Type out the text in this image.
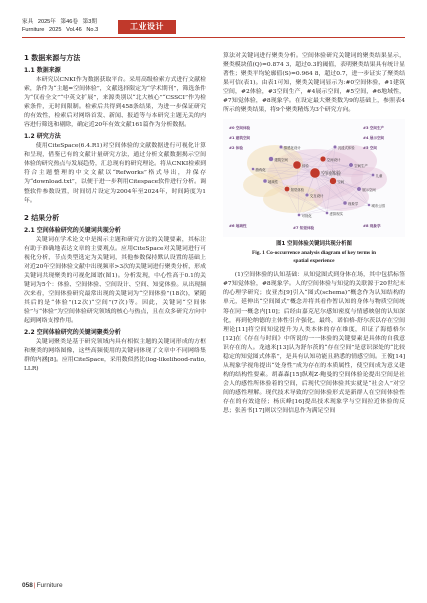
家具   2025年   第46卷   第3期
Furniture   2025   Vol.46   No.3	工业设计
1 数据来源与方法
1.1 数据来源

本研究以CNKI作为数据获取平台。采用高级检索方式进行文献检索，条件为“主题=空间体验”，文献选择限定为“学术期刊”，筛选条件为“仅看全文”“中英文扩展”，来源类别以“北大核心”“CSSCI”作为检索条件，无时间限制。检索后共得到458条结果，为进一步保证研究的有效性，检索后对网络首发、新闻、报道等与本研究主题无关的内容进行筛选和剔除，确定近20年有效文献161篇作为分析数据。

1.2 研究方法

使用CiteSpace(6.4.R1)对空间体验的文献数据进行可视化计算和呈现，借鉴已有的文献计量研究方法，通过分析文献数据揭示空间体验的研究热点与发展趋势，汇总现有的研究理论。将从CNKI检索到符合主题整理的中文文献以“Refworks”格式导出，并保存为“download.txt”，以便于进一步利用Citespace软件进行分析。调整软件参数设置，时间切片设定为2004年至2024年，时间跨度为1年。

2 结果分析
2.1 空间体验研究的关键词共现分析

关键词在学术论文中是揭示主题和研究方法的关键要素，其标注有助于准确地表达文章的主要观点。应用CiteSpace对关键词进行可视化分析，节点类型选定为关键词，其他参数保持默认设置的基础上对近20年空间体验文献中出现频率>3次的关键词进行聚类分析，形成关键词共现聚类的可视化图谱(图1)。分析发现，中心性高于0.1的关键词为5个：体验、空间体验、空间设计、空间、知觉体验。从出现频次来看，空间体验研究最常出现的关键词为“空间体验”(18次)，紧随其后的是“体验”(12次)“空间”(7次)等。因此，关键词“空间体验”与“体验”为空间体验研究领域的核心与热点，且在众多研究方向中起到网络支撑作用。

2.2 空间体验研究的关键词聚类分析

关键词聚类是基于研究领域内具有相似主题的关键词形成的方框和聚类的网络图像，这些高频使用的关键词体现了文章中不同网络集群的内涵[8]。应用CiteSpace，采用数似然比(log-likelihood-ratio, LLR)

算法对关键词进行聚类分析。空间体验研究关键词的聚类结果显示，聚类模块值(Q)=0.874 3，超过0.3的阈值，表明聚类结果具有统计显著性；聚类平均轮廓值(S)=0.964 8，超过0.7，进一步证实了聚类结果可信(表1)。由表1可知，聚类关键词显示为:#0空间体验，#1建筑空间，#2体验，#3空间生产，#4展示空间，#5空间，#6地域性，#7知觉体验，#8现象学。在设定最大聚类数为9的基础上，参照表4所示的聚类结果，将9个聚类精炼为3个研究方向。

空间体验
体验
空间
空间设计
知觉体验
建筑空间
空间生产
展示空间
地域性
现象学
交互设计
情感化设计	沉浸式体验
儿童
游戏化
可视化	虚拟现实
城市公园
#0 空间体验
#1 建筑空间
#2 体验
#3 空间生产
#4 展示空间
#5 空间
#6 地域性	#7 知觉体验	#8 现象学
图1 空间体验关键词共现分析图
Fig. 1 Co-occurrence analysis diagram of key terms in
spatial experience

(1)空间体验的认知基础：从知觉图式到身体在场，其中包括标签#7知觉体验，#8现象学。人的空间体验与知觉的关联源于20世纪末的心理学研究；皮亚杰[9]引入“图式(schema)”概念作为认知结构的单元，延伸出“空间图式”概念并将其看作暂认知的身体与物质空间统筹在同一概念内[10]；后经由嘉克尼尔感知密度与情感映射的认知深化，再到伦纳德的主体性引介强化，最终，诺伯格-舒尔茨以存在空间理论[11]将空间知觉提升为人类本体的存在维度，印证了海德格尔[12]在《存在与时间》中所说的一一体验的关键要素是具体的自我意识存在的人。龙迪米[13]认为舒尔茨的“存在空间”是意识深处的“比较稳定的知觉图式体系”，是具有认知功能且熟悉的情感空间。王俊[14]从现象学视角提出“处身性”成为存在的本质属性，使空间成为意义建构的结构性要素。胡森森[15]纵观Z·鲍曼的空间体验论提出空间是社会人的感性所体验着的空间，后现代空间体验其实就是“社会人”对空间的感性理解。现代技术导致的空间体验形式是新群人在空间体验性存在的有效途径；杨庆峰[16]提出技术现象学与空间拉近体验的反思；张善书[17]则以空间信息作为满足空间

058|Furniture
